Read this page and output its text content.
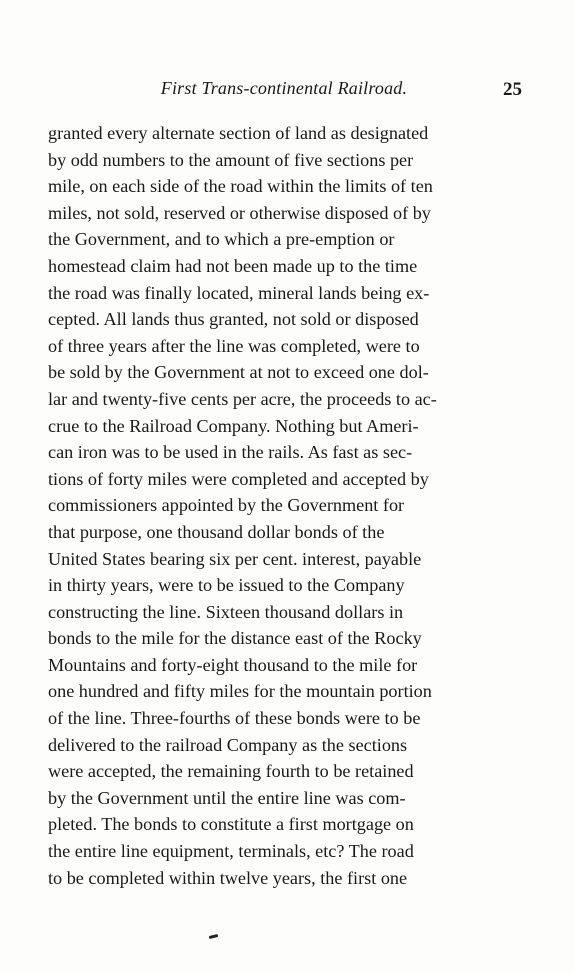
First Trans-continental Railroad.	25
granted every alternate section of land as designated
by odd numbers to the amount of five sections per
mile, on each side of the road within the limits of ten
miles, not sold, reserved or otherwise disposed of by
the Government, and to which a pre-emption or
homestead claim had not been made up to the time
the road was finally located, mineral lands being ex-
cepted. All lands thus granted, not sold or disposed
of three years after the line was completed, were to
be sold by the Government at not to exceed one dol-
lar and twenty-five cents per acre, the proceeds to ac-
crue to the Railroad Company. Nothing but Ameri-
can iron was to be used in the rails. As fast as sec-
tions of forty miles were completed and accepted by
commissioners appointed by the Government for
that purpose, one thousand dollar bonds of the
United States bearing six per cent. interest, payable
in thirty years, were to be issued to the Company
constructing the line. Sixteen thousand dollars in
bonds to the mile for the distance east of the Rocky
Mountains and forty-eight thousand to the mile for
one hundred and fifty miles for the mountain portion
of the line. Three-fourths of these bonds were to be
delivered to the railroad Company as the sections
were accepted, the remaining fourth to be retained
by the Government until the entire line was com-
pleted. The bonds to constitute a first mortgage on
the entire line equipment, terminals, etc? The road
to be completed within twelve years, the first one
